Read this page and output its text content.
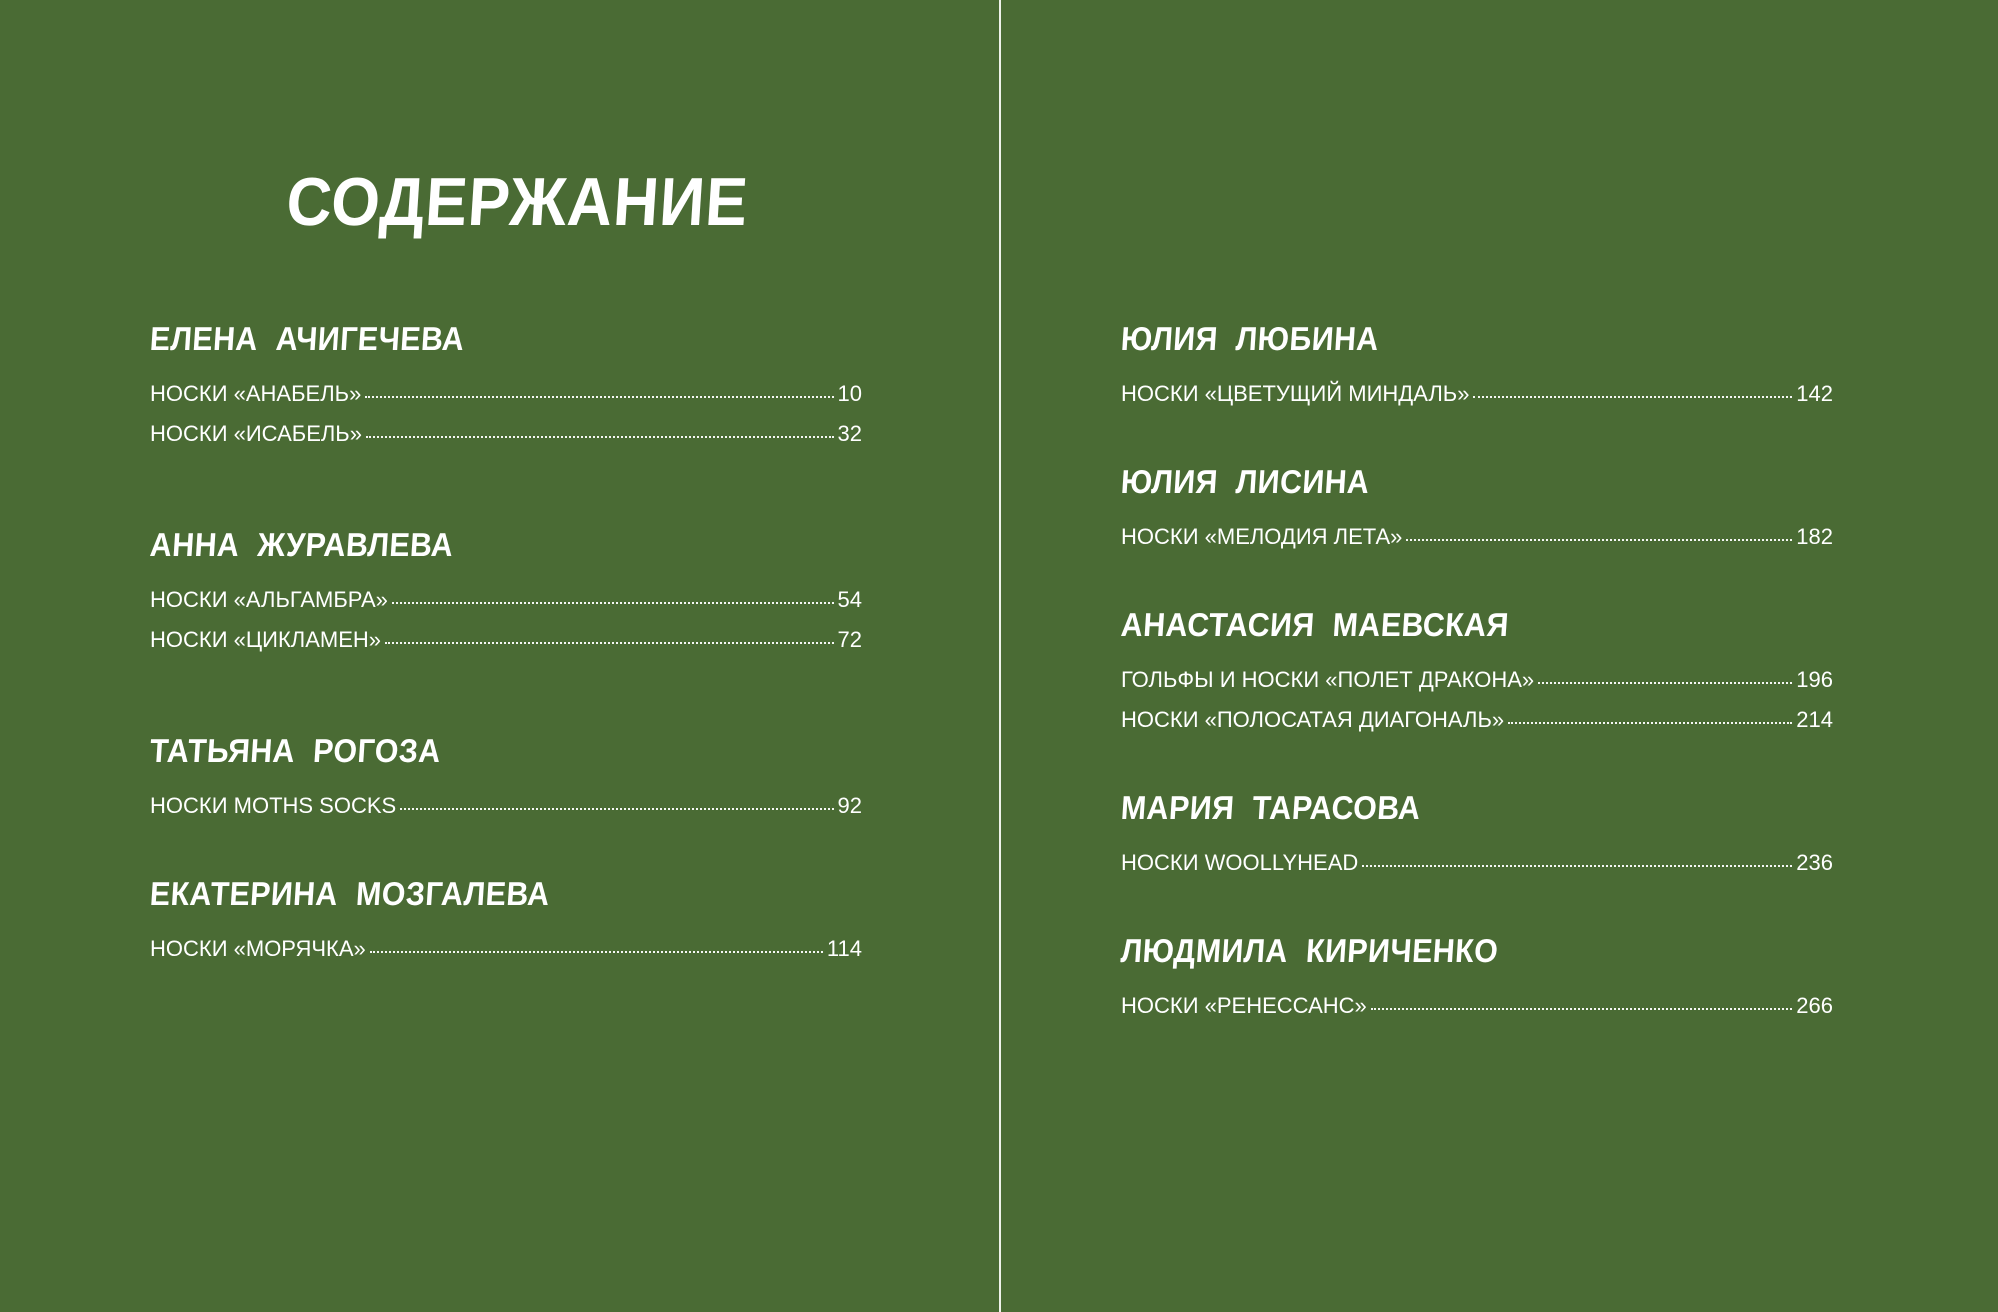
СОДЕРЖАНИЕ
ЕЛЕНА АЧИГЕЧЕВА
НОСКИ «АНАБЕЛЬ»	10
НОСКИ «ИСАБЕЛЬ»	32
АННА ЖУРАВЛЕВА
НОСКИ «АЛЬГАМБРА»	54
НОСКИ «ЦИКЛАМЕН»	72
ТАТЬЯНА РОГОЗА
НОСКИ MOTHS SOCKS	92
ЕКАТЕРИНА МОЗГАЛЕВА
НОСКИ «МОРЯЧКА»	114
ЮЛИЯ ЛЮБИНА
НОСКИ «ЦВЕТУЩИЙ МИНДАЛЬ»	142
ЮЛИЯ ЛИСИНА
НОСКИ «МЕЛОДИЯ ЛЕТА»	182
АНАСТАСИЯ МАЕВСКАЯ
ГОЛЬФЫ И НОСКИ «ПОЛЕТ ДРАКОНА»	196
НОСКИ «ПОЛОСАТАЯ ДИАГОНАЛЬ»	214
МАРИЯ ТАРАСОВА
НОСКИ WOOLLYHEAD	236
ЛЮДМИЛА КИРИЧЕНКО
НОСКИ «РЕНЕССАНС»	266
